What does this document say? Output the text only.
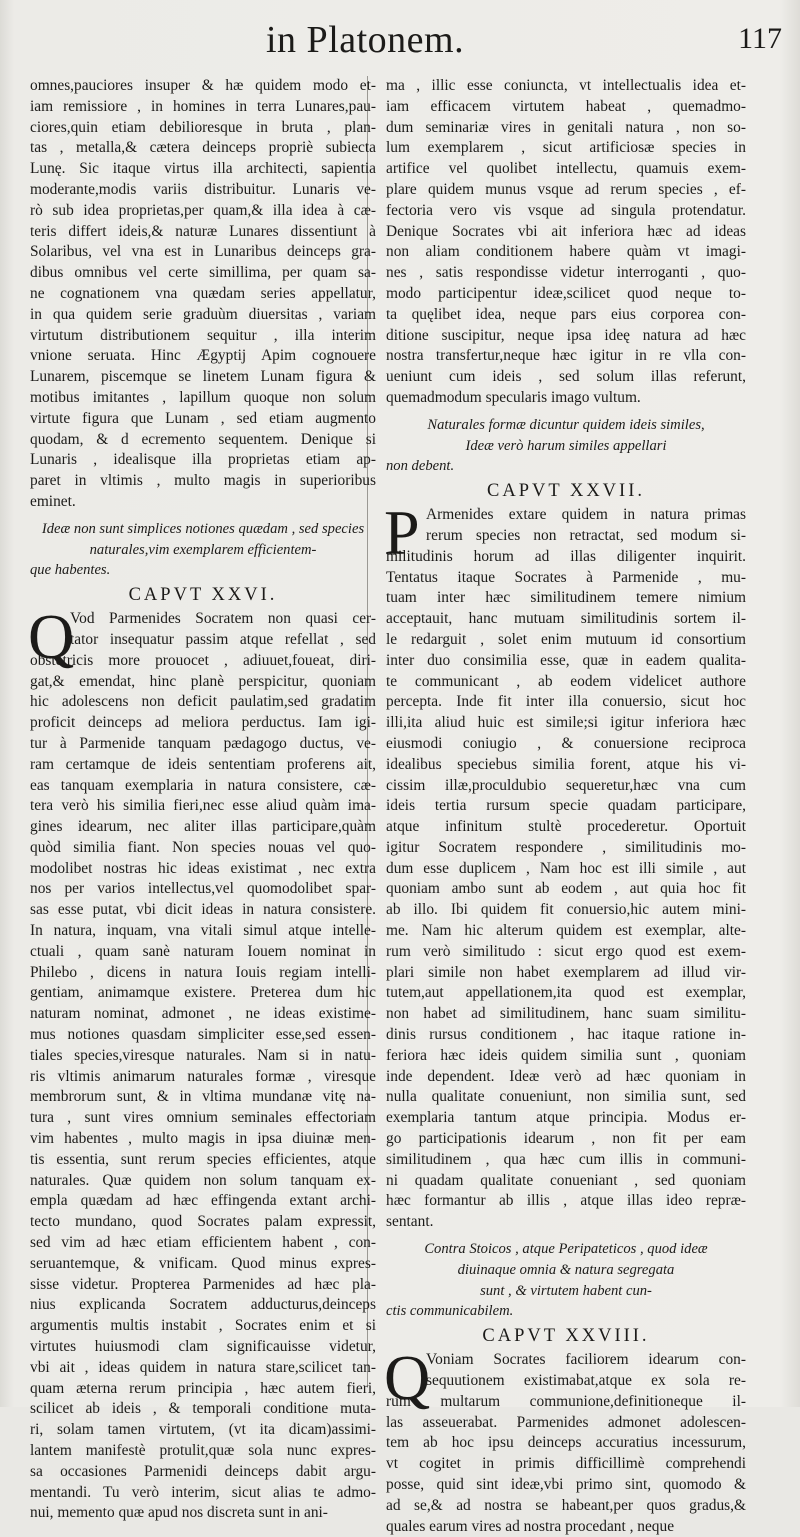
in Platonem.	117
omnes,pauciores insuper & hæ quidem modo et-
iam remissiore , in homines in terra Lunares,pau-
ciores,quin etiam debilioresque in bruta , plan-
tas , metalla,& cætera deinceps propriè subiecta
Lunę. Sic itaque virtus illa architecti, sapientia
moderante,modis variis distribuitur. Lunaris ve-
rò sub idea proprietas,per quam,& illa idea à cæ-
teris differt ideis,& naturæ Lunares dissentiunt à
Solaribus, vel vna est in Lunaribus deinceps gra-
dibus omnibus vel certe simillima, per quam sa-
ne cognationem vna quædam series appellatur,
in qua quidem serie graduùm diuersitas , variam
virtutum distributionem sequitur , illa interim
vnione seruata. Hinc Ægyptij Apim cognouere
Lunarem, piscemque se linetem Lunam figura &
motibus imitantes , lapillum quoque non solum
virtute figura que Lunam , sed etiam augmento
quodam, & d ecremento sequentem. Denique si
Lunaris , idealisque illa proprietas etiam ap-
paret in vltimis , multo magis in superioribus
eminet.
Ideæ non sunt simplices notiones quædam , sed species
naturales,vim exemplarem efficientem-
que habentes.
CAPVT XXVI.
Q
Vod Parmenides Socratem non quasi cer-
tator insequatur passim atque refellat , sed
obstetricis more prouocet , adiuuet,foueat, diri-
gat,& emendat, hinc planè perspicitur, quoniam
hic adolescens non deficit paulatim,sed gradatim
proficit deinceps ad meliora perductus. Iam igi-
tur à Parmenide tanquam pædagogo ductus, ve-
ram certamque de ideis sententiam proferens ait,
eas tanquam exemplaria in natura consistere, cæ-
tera verò his similia fieri,nec esse aliud quàm ima-
gines idearum, nec aliter illas participare,quàm
quòd similia fiant. Non species nouas vel quo-
modolibet nostras hic ideas existimat , nec extra
nos per varios intellectus,vel quomodolibet spar-
sas esse putat, vbi dicit ideas in natura consistere.
In natura, inquam, vna vitali simul atque intelle-
ctuali , quam sanè naturam Iouem nominat in
Philebo , dicens in natura Iouis regiam intelli-
gentiam, animamque existere. Preterea dum hic
naturam nominat, admonet , ne ideas existime-
mus notiones quasdam simpliciter esse,sed essen-
tiales species,viresque naturales. Nam si in natu-
ris vltimis animarum naturales formæ , viresque
membrorum sunt, & in vltima mundanæ vitę na-
tura , sunt vires omnium seminales effectoriam
vim habentes , multo magis in ipsa diuinæ men-
tis essentia, sunt rerum species efficientes, atque
naturales. Quæ quidem non solum tanquam ex-
empla quædam ad hæc effingenda extant archi-
tecto mundano, quod Socrates palam expressit,
sed vim ad hæc etiam efficientem habent , con-
seruantemque, & vnificam. Quod minus expres-
sisse videtur. Propterea Parmenides ad hæc pla-
nius explicanda Socratem adducturus,deinceps
argumentis multis instabit , Socrates enim et si
virtutes huiusmodi clam significauisse videtur,
vbi ait , ideas quidem in natura stare,scilicet tan-
quam æterna rerum principia , hæc autem fieri,
scilicet ab ideis , & temporali conditione muta-
ri, solam tamen virtutem, (vt ita dicam)assimi-
lantem manifestè protulit,quæ sola nunc expres-
sa occasiones Parmenidi deinceps dabit argu-
mentandi. Tu verò interim, sicut alias te admo-
nui, memento quæ apud nos discreta sunt in ani-
ma , illic esse coniuncta, vt intellectualis idea et-
iam efficacem virtutem habeat , quemadmo-
dum seminariæ vires in genitali natura , non so-
lum exemplarem , sicut artificiosæ species in
artifice vel quolibet intellectu, quamuis exem-
plare quidem munus vsque ad rerum species , ef-
fectoria vero vis vsque ad singula protendatur.
Denique Socrates vbi ait inferiora hæc ad ideas
non aliam conditionem habere quàm vt imagi-
nes , satis respondisse videtur interroganti , quo-
modo participentur ideæ,scilicet quod neque to-
ta quęlibet idea, neque pars eius corporea con-
ditione suscipitur, neque ipsa ideę natura ad hæc
nostra transfertur,neque hæc igitur in re vlla con-
ueniunt cum ideis , sed solum illas referunt,
quemadmodum specularis imago vultum.
Naturales formæ dicuntur quidem ideis similes,
Ideæ verò harum similes appellari
non debent.
CAPVT XXVII.
P Armenides extare quidem in natura primas
rerum species non retractat, sed modum si-
militudinis horum ad illas diligenter inquirit.
Tentatus itaque Socrates à Parmenide , mu-
tuam inter hæc similitudinem temere nimium
acceptauit, hanc mutuam similitudinis sortem il-
le redarguit , solet enim mutuum id consortium
inter duo consimilia esse, quæ in eadem qualita-
te communicant , ab eodem videlicet authore
percepta. Inde fit inter illa conuersio, sicut hoc
illi,ita aliud huic est simile;si igitur inferiora hæc
eiusmodi coniugio , & conuersione reciproca
idealibus speciebus similia forent, atque his vi-
cissim illæ,proculdubio sequeretur,hæc vna cum
ideis tertia rursum specie quadam participare,
atque infinitum stultè procederetur. Oportuit
igitur Socratem respondere , similitudinis mo-
dum esse duplicem , Nam hoc est illi simile , aut
quoniam ambo sunt ab eodem , aut quia hoc fit
ab illo. Ibi quidem fit conuersio,hic autem mini-
me. Nam hic alterum quidem est exemplar, alte-
rum verò similitudo : sicut ergo quod est exem-
plari simile non habet exemplarem ad illud vir-
tutem,aut appellationem,ita quod est exemplar,
non habet ad similitudinem, hanc suam similitu-
dinis rursus conditionem , hac itaque ratione in-
feriora hæc ideis quidem similia sunt , quoniam
inde dependent. Ideæ verò ad hæc quoniam in
nulla qualitate conueniunt, non similia sunt, sed
exemplaria tantum atque principia. Modus er-
go participationis idearum , non fit per eam
similitudinem , qua hæc cum illis in communi-
ni quadam qualitate conueniant , sed quoniam
hæc formantur ab illis , atque illas ideo repræ-
sentant.
Contra Stoicos , atque Peripateticos , quod ideæ
diuinaque omnia & natura segregata
sunt , & virtutem habent cun-
ctis communicabilem.
CAPVT XXVIII.
Q
Voniam Socrates faciliorem idearum con-
sequutionem existimabat,atque ex sola re-
rum multarum communione,definitioneque il-
las asseuerabat. Parmenides admonet adolescen-
tem ab hoc ipsu deinceps accuratius incessurum,
vt cogitet in primis difficillimè comprehendi
posse, quid sint ideæ,vbi primo sint, quomodo &
ad se,& ad nostra se habeant,per quos gradus,&
quales earum vires ad nostra procedant , neque
